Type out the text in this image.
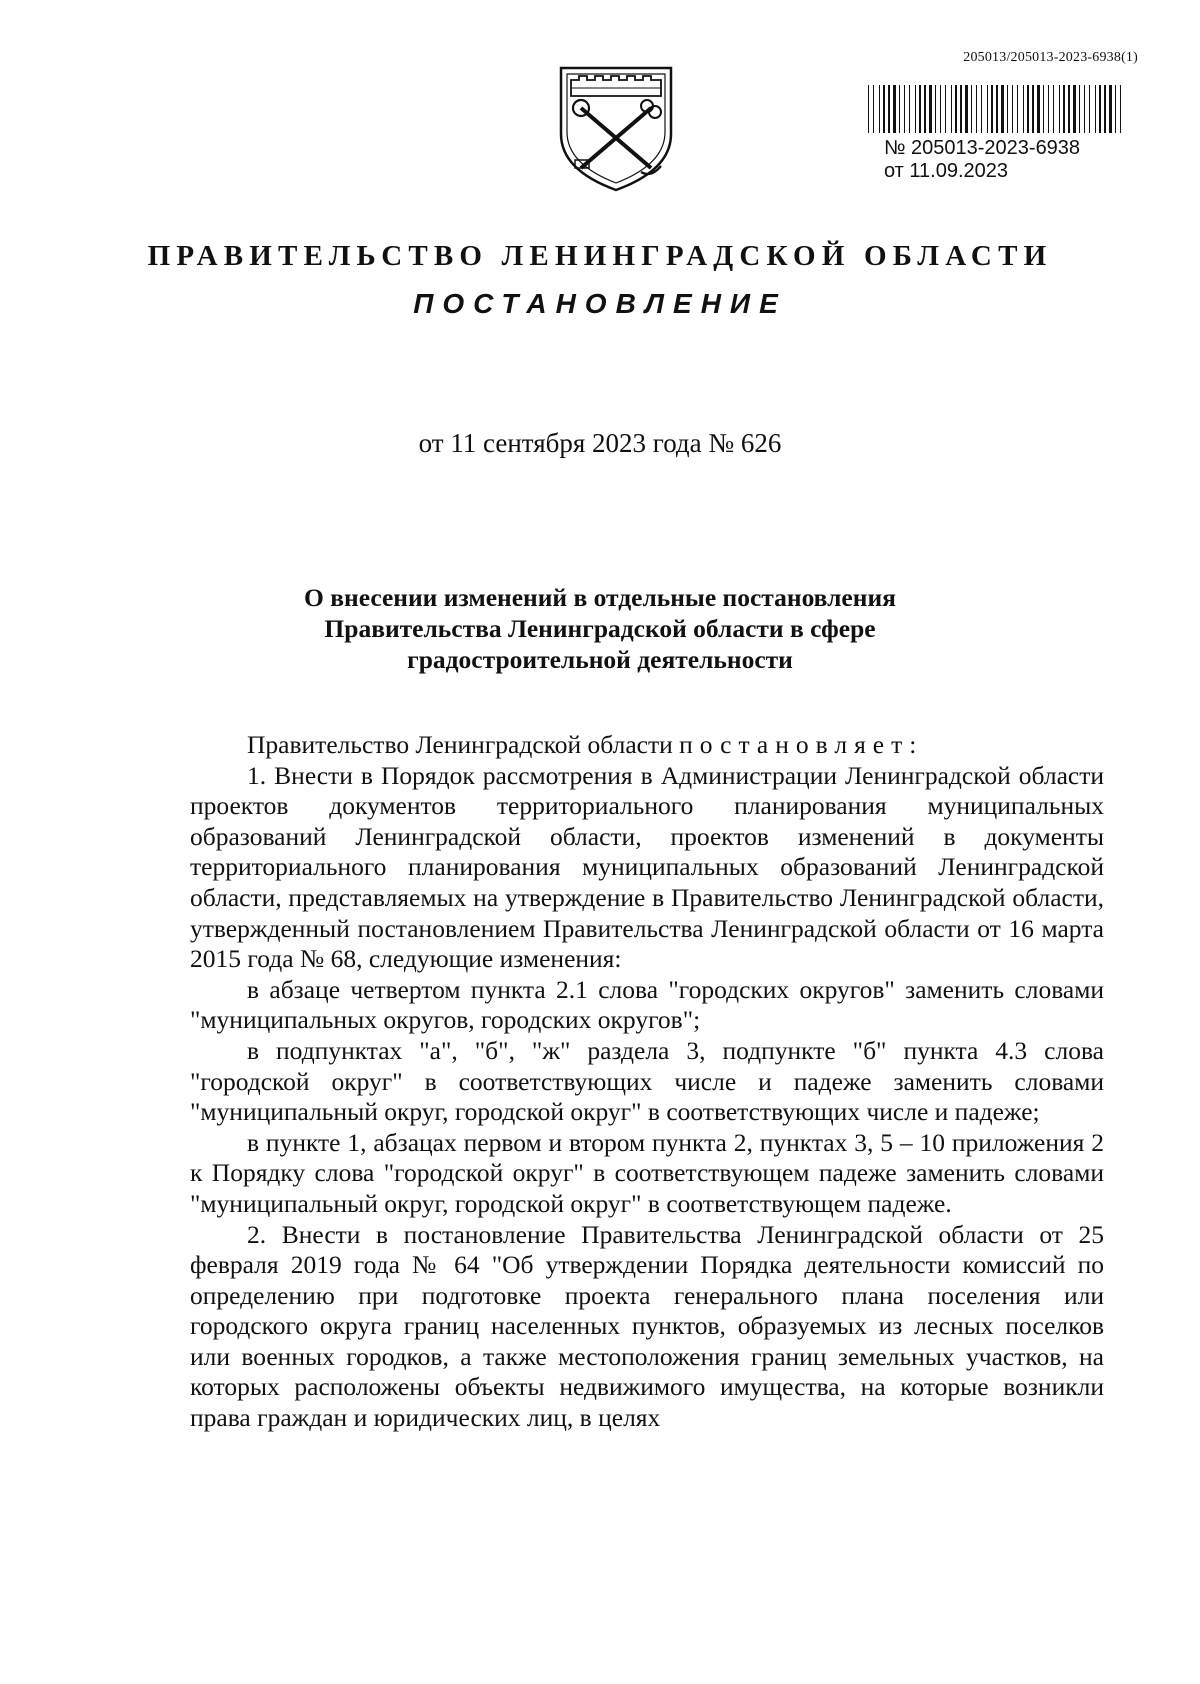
205013/205013-2023-6938(1)
№ 205013-2023-6938
от 11.09.2023
ПРАВИТЕЛЬСТВО ЛЕНИНГРАДСКОЙ ОБЛАСТИ
ПОСТАНОВЛЕНИЕ
от 11 сентября 2023 года № 626
О внесении изменений в отдельные постановления
Правительства Ленинградской области в сфере
градостроительной деятельности

Правительство Ленинградской области постановляет:

1. Внести в Порядок рассмотрения в Администрации Ленинградской области проектов документов территориального планирования муниципальных образований Ленинградской области, проектов изменений в документы территориального планирования муниципальных образований Ленинградской области, представляемых на утверждение в Правительство Ленинградской области, утвержденный постановлением Правительства Ленинградской области от 16 марта 2015 года № 68, следующие изменения:

в абзаце четвертом пункта 2.1 слова "городских округов" заменить словами "муниципальных округов, городских округов";

в подпунктах "а", "б", "ж" раздела 3, подпункте "б" пункта 4.3 слова "городской округ" в соответствующих числе и падеже заменить словами "муниципальный округ, городской округ" в соответствующих числе и падеже;

в пункте 1, абзацах первом и втором пункта 2, пунктах 3, 5 – 10 приложения 2 к Порядку слова "городской округ" в соответствующем падеже заменить словами "муниципальный округ, городской округ" в соответствующем падеже.

2. Внести в постановление Правительства Ленинградской области от 25 февраля 2019 года № 64 "Об утверждении Порядка деятельности комиссий по определению при подготовке проекта генерального плана поселения или городского округа границ населенных пунктов, образуемых из лесных поселков или военных городков, а также местоположения границ земельных участков, на которых расположены объекты недвижимого имущества, на которые возникли права граждан и юридических лиц, в целях
